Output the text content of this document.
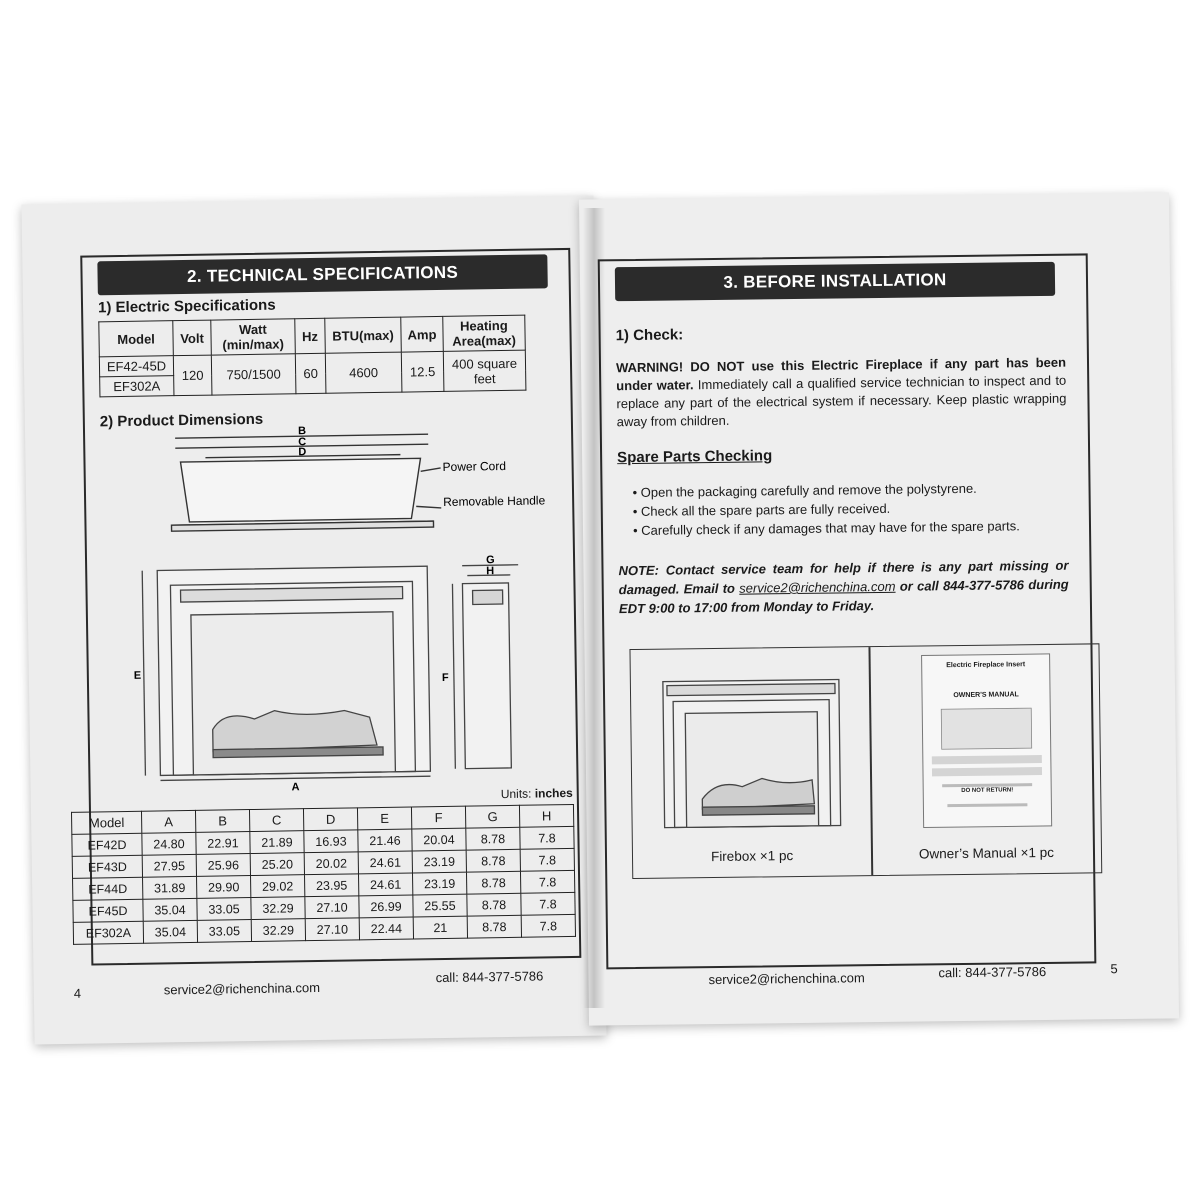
2. TECHNICAL SPECIFICATIONS
1) Electric Specifications
Model	Volt	Watt (min/max)	Hz	BTU(max)	Amp	Heating Area(max)
EF42-45D	120	750/1500	60	4600	12.5	400 square feet
EF302A						
2) Product Dimensions
B
C
D
Power Cord
Removable Handle
E
A
G
H
F
Units: inches
Model	A	B	C	D	E	F	G	H
EF42D	24.80	22.91	21.89	16.93	21.46	20.04	8.78	7.8
EF43D	27.95	25.96	25.20	20.02	24.61	23.19	8.78	7.8
EF44D	31.89	29.90	29.02	23.95	24.61	23.19	8.78	7.8
EF45D	35.04	33.05	32.29	27.10	26.99	25.55	8.78	7.8
EF302A	35.04	33.05	32.29	27.10	22.44	21	8.78	7.8
4	service2@richenchina.com
call: 844-377-5786
3. BEFORE INSTALLATION
1) Check:
WARNING! DO NOT use this Electric Fireplace if any part has been under water. Immediately call a qualified service technician to inspect and to replace any part of the electrical system if necessary. Keep plastic wrapping away from children.
Spare Parts Checking
• Open the packaging carefully and remove the polystyrene.
• Check all the spare parts are fully received.
• Carefully check if any damages that may have for the spare parts.
NOTE: Contact service team for help if there is any part missing or damaged. Email to service2@richenchina.com or call 844-377-5786 during EDT 9:00 to 17:00 from Monday to Friday.
Firebox ×1 pc
Electric Fireplace Insert
OWNER'S MANUAL
DO NOT RETURN!
Owner’s Manual ×1 pc
service2@richenchina.com	call: 844-377-5786	5
